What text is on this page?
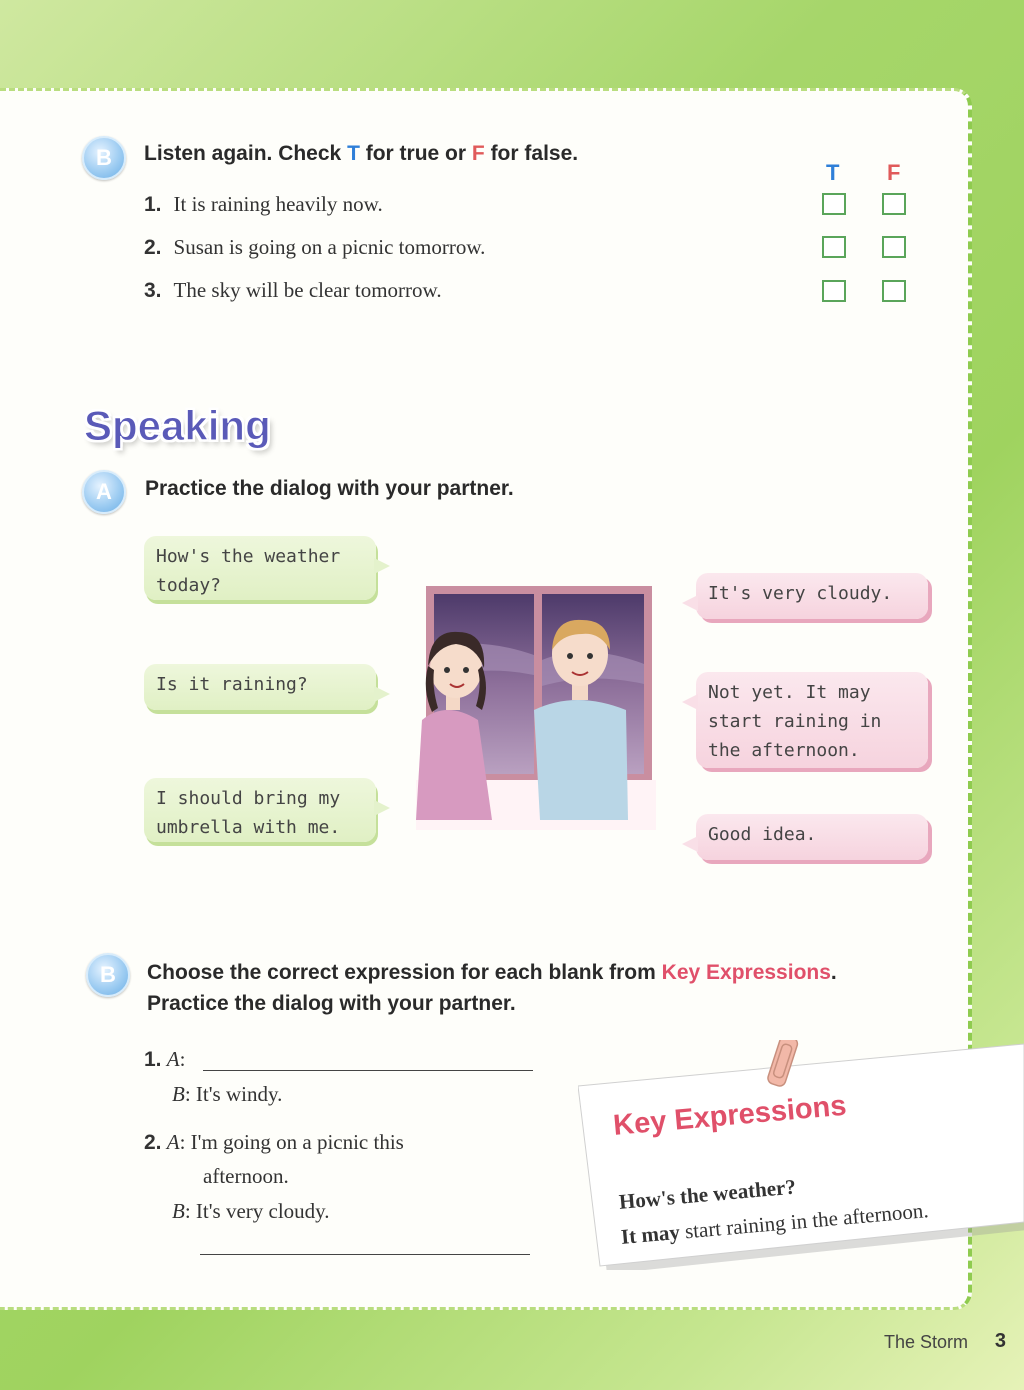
B	Listen again. Check T for true or F for false.
T F
1. It is raining heavily now.
2. Susan is going on a picnic tomorrow.
3. The sky will be clear tomorrow.
Speaking
A	Practice the dialog with your partner.
How's the weather today?
Is it raining?
I should bring my umbrella with me.
It's very cloudy.
Not yet. It may start raining in the afternoon.
Good idea.
B	Choose the correct expression for each blank from Key Expressions.
Practice the dialog with your partner.
1. A:
B: It's windy.
2. A: I'm going on a picnic this
afternoon.
B: It's very cloudy.
Key Expressions
How's the weather?
It may start raining in the afternoon.
The Storm 3
